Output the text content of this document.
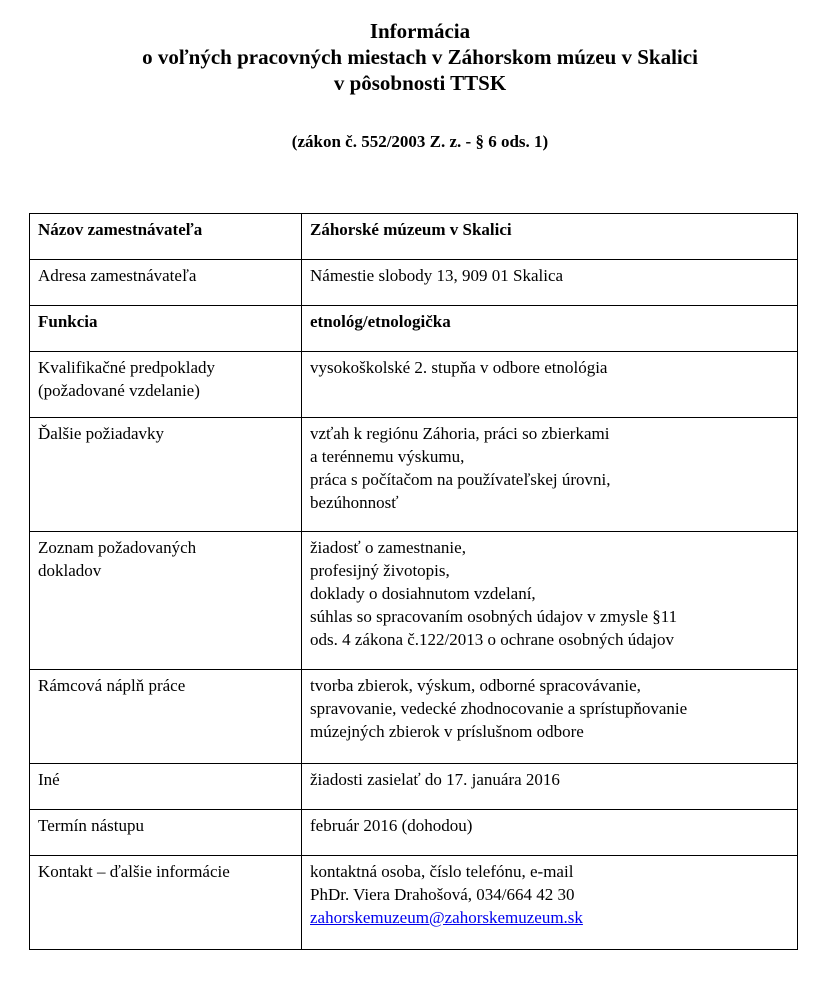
Informácia
o voľných pracovných miestach v Záhorskom múzeu v Skalici
v pôsobnosti TTSK
(zákon č. 552/2003 Z. z. - § 6 ods. 1)
Názov zamestnávateľa	Záhorské múzeum v Skalici

Adresa zamestnávateľa	Námestie slobody 13, 909 01 Skalica

Funkcia	etnológ/etnologička

Kvalifikačné predpoklady
(požadované vzdelanie)	vysokoškolské 2. stupňa v odbore etnológia

Ďalšie požiadavky	vzťah k regiónu Záhoria, práci so zbierkami
a terénnemu výskumu,
práca s počítačom na používateľskej úrovni,
bezúhonnosť

Zoznam požadovaných
dokladov	žiadosť o zamestnanie,
profesijný životopis,
doklady o dosiahnutom vzdelaní,
súhlas so spracovaním osobných údajov v zmysle §11
ods. 4 zákona č.122/2013 o ochrane osobných údajov

Rámcová náplň práce	tvorba zbierok, výskum, odborné spracovávanie,
spravovanie, vedecké zhodnocovanie a sprístupňovanie
múzejných zbierok v príslušnom odbore

Iné	žiadosti zasielať do 17. januára 2016

Termín nástupu	február 2016 (dohodou)

Kontakt – ďalšie informácie	kontaktná osoba, číslo telefónu, e-mail
PhDr. Viera Drahošová, 034/664 42 30
zahorskemuzeum@zahorskemuzeum.sk
